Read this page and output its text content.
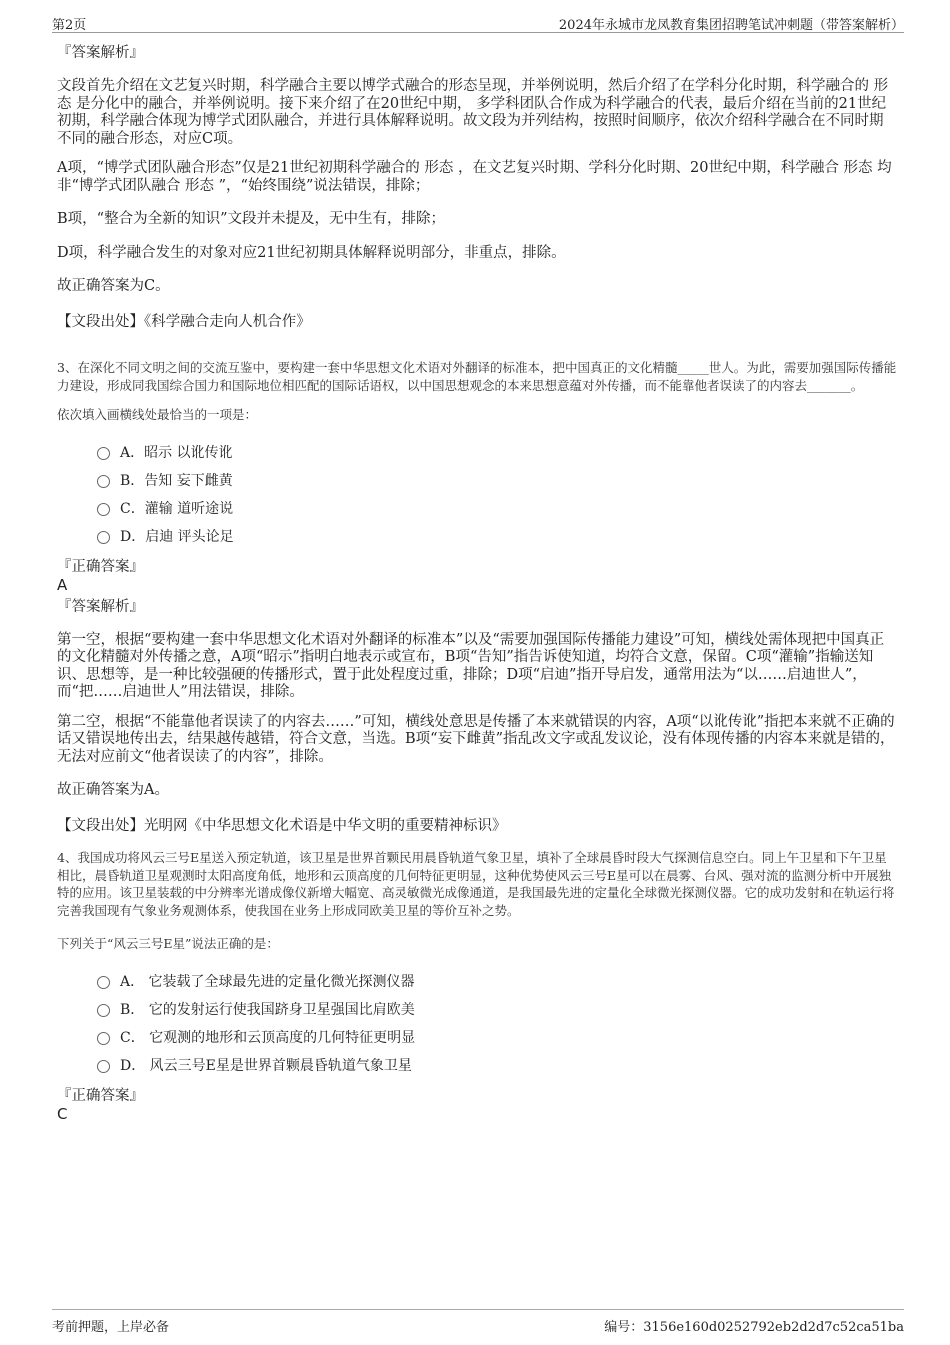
第2页	2024年永城市龙凤教育集团招聘笔试冲刺题（带答案解析）

『答案解析』

文段首先介绍在文艺复兴时期，科学融合主要以博学式融合的形态呈现，并举例说明，然后介绍了在学科分化时期，科学融合的 形态 是分化中的融合，并举例说明。接下来介绍了在20世纪中期， 多学科团队合作成为科学融合的代表，最后介绍在当前的21世纪初期，科学融合体现为博学式团队融合，并进行具体解释说明。故文段为并列结构，按照时间顺序，依次介绍科学融合在不同时期不同的融合形态，对应C项。

A项，“博学式团队融合形态”仅是21世纪初期科学融合的 形态 ，在文艺复兴时期、学科分化时期、20世纪中期，科学融合 形态 均非“博学式团队融合 形态 ”，“始终围绕”说法错误，排除；

B项，“整合为全新的知识”文段并未提及，无中生有，排除；

D项，科学融合发生的对象对应21世纪初期具体解释说明部分，非重点，排除。

故正确答案为C。

【文段出处】《科学融合走向人机合作》

3、在深化不同文明之间的交流互鉴中，要构建一套中华思想文化术语对外翻译的标准本，把中国真正的文化精髓_____世人。为此，需要加强国际传播能力建设，形成同我国综合国力和国际地位相匹配的国际话语权，以中国思想观念的本来思想意蕴对外传播，而不能靠他者误读了的内容去_______。

依次填入画横线处最恰当的一项是：

A．昭示 以讹传讹
B．告知 妄下雌黄
C．灌输 道听途说
D．启迪 评头论足

『正确答案』

A

『答案解析』

第一空，根据“要构建一套中华思想文化术语对外翻译的标准本”以及“需要加强国际传播能力建设”可知，横线处需体现把中国真正的文化精髓对外传播之意，A项“昭示”指明白地表示或宣布，B项“告知”指告诉使知道，均符合文意，保留。C项“灌输”指输送知识、思想等，是一种比较强硬的传播形式，置于此处程度过重，排除；D项“启迪”指开导启发，通常用法为“以……启迪世人”，而“把……启迪世人”用法错误，排除。

第二空，根据“不能靠他者误读了的内容去……”可知，横线处意思是传播了本来就错误的内容，A项“以讹传讹”指把本来就不正确的话又错误地传出去，结果越传越错，符合文意，当选。B项“妄下雌黄”指乱改文字或乱发议论，没有体现传播的内容本来就是错的，无法对应前文“他者误读了的内容”，排除。

故正确答案为A。

【文段出处】光明网《中华思想文化术语是中华文明的重要精神标识》

4、我国成功将风云三号E星送入预定轨道，该卫星是世界首颗民用晨昏轨道气象卫星，填补了全球晨昏时段大气探测信息空白。同上午卫星和下午卫星相比，晨昏轨道卫星观测时太阳高度角低，地形和云顶高度的几何特征更明显，这种优势使风云三号E星可以在晨雾、台风、强对流的监测分析中开展独特的应用。该卫星装载的中分辨率光谱成像仪新增大幅宽、高灵敏微光成像通道，是我国最先进的定量化全球微光探测仪器。它的成功发射和在轨运行将完善我国现有气象业务观测体系，使我国在业务上形成同欧美卫星的等价互补之势。

下列关于“风云三号E星”说法正确的是：

A． 它装载了全球最先进的定量化微光探测仪器
B． 它的发射运行使我国跻身卫星强国比肩欧美
C． 它观测的地形和云顶高度的几何特征更明显
D． 风云三号E星是世界首颗晨昏轨道气象卫星

『正确答案』

C

考前押题，上岸必备	编号：3156e160d0252792eb2d2d7c52ca51ba
